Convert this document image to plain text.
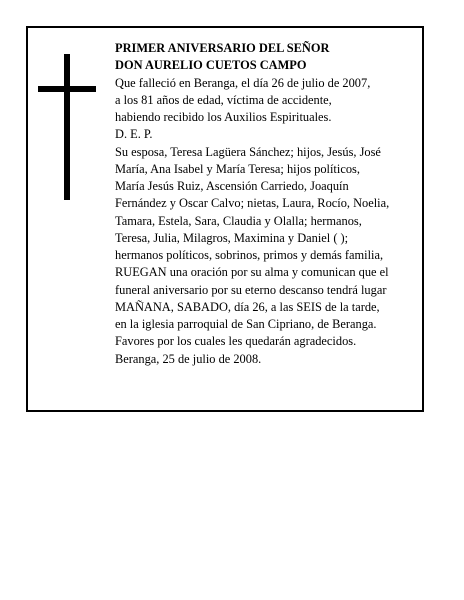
PRIMER ANIVERSARIO DEL SEÑOR
DON AURELIO CUETOS CAMPO
Que falleció en Beranga, el día 26 de julio de 2007,
a los 81 años de edad, víctima de accidente,
habiendo recibido los Auxilios Espirituales.
D. E. P.
Su esposa, Teresa Lagüera Sánchez; hijos, Jesús, José
María, Ana Isabel y María Teresa; hijos políticos,
María Jesús Ruiz, Ascensión Carriedo, Joaquín
Fernández y Oscar Calvo; nietas, Laura, Rocío, Noelia,
Tamara, Estela, Sara, Claudia y Olalla; hermanos,
Teresa, Julia, Milagros, Maximina y Daniel ( );
hermanos políticos, sobrinos, primos y demás familia,
RUEGAN una oración por su alma y comunican que el
funeral aniversario por su eterno descanso tendrá lugar
MAÑANA, SABADO, día 26, a las SEIS de la tarde,
en la iglesia parroquial de San Cipriano, de Beranga.
Favores por los cuales les quedarán agradecidos.
Beranga, 25 de julio de 2008.
